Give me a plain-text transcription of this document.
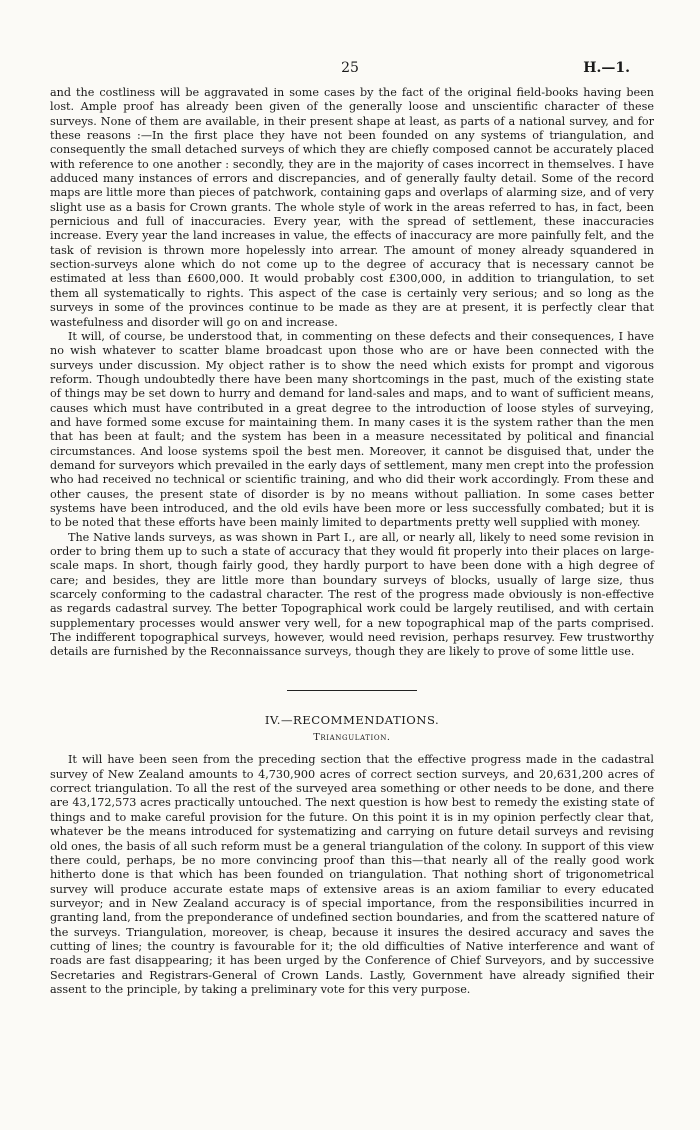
25	H.—1.

and the costliness will be aggravated in some cases by the fact of the original field-books having been lost. Ample proof has already been given of the generally loose and unscientific character of these surveys. None of them are available, in their present shape at least, as parts of a national survey, and for these reasons :—In the first place they have not been founded on any systems of triangulation, and consequently the small detached surveys of which they are chiefly composed cannot be accurately placed with reference to one another : secondly, they are in the majority of cases incorrect in themselves. I have adduced many instances of errors and discrepancies, and of generally faulty detail. Some of the record maps are little more than pieces of patchwork, containing gaps and overlaps of alarming size, and of very slight use as a basis for Crown grants. The whole style of work in the areas referred to has, in fact, been pernicious and full of inaccuracies. Every year, with the spread of settlement, these inaccuracies increase. Every year the land increases in value, the effects of inaccuracy are more painfully felt, and the task of revision is thrown more hopelessly into arrear. The amount of money already squandered in section-surveys alone which do not come up to the degree of accuracy that is necessary cannot be estimated at less than £600,000. It would probably cost £300,000, in addition to triangulation, to set them all systematically to rights. This aspect of the case is certainly very serious; and so long as the surveys in some of the provinces continue to be made as they are at present, it is perfectly clear that wastefulness and disorder will go on and increase.

It will, of course, be understood that, in commenting on these defects and their consequences, I have no wish whatever to scatter blame broadcast upon those who are or have been connected with the surveys under discussion. My object rather is to show the need which exists for prompt and vigorous reform. Though undoubtedly there have been many shortcomings in the past, much of the existing state of things may be set down to hurry and demand for land-sales and maps, and to want of sufficient means, causes which must have contributed in a great degree to the introduction of loose styles of surveying, and have formed some excuse for maintaining them. In many cases it is the system rather than the men that has been at fault; and the system has been in a measure necessitated by political and financial circumstances. And loose systems spoil the best men. Moreover, it cannot be disguised that, under the demand for surveyors which prevailed in the early days of settlement, many men crept into the profession who had received no technical or scientific training, and who did their work accordingly. From these and other causes, the present state of disorder is by no means without palliation. In some cases better systems have been introduced, and the old evils have been more or less successfully combated; but it is to be noted that these efforts have been mainly limited to departments pretty well supplied with money.

The Native lands surveys, as was shown in Part I., are all, or nearly all, likely to need some revision in order to bring them up to such a state of accuracy that they would fit properly into their places on large-scale maps. In short, though fairly good, they hardly purport to have been done with a high degree of care; and besides, they are little more than boundary surveys of blocks, usually of large size, thus scarcely conforming to the cadastral character. The rest of the progress made obviously is non-effective as regards cadastral survey. The better Topographical work could be largely reutilised, and with certain supplementary processes would answer very well, for a new topographical map of the parts comprised. The indifferent topographical surveys, however, would need revision, perhaps resurvey. Few trustworthy details are furnished by the Reconnaissance surveys, though they are likely to prove of some little use.

IV.—RECOMMENDATIONS.
Triangulation.

It will have been seen from the preceding section that the effective progress made in the cadastral survey of New Zealand amounts to 4,730,900 acres of correct section surveys, and 20,631,200 acres of correct triangulation. To all the rest of the surveyed area something or other needs to be done, and there are 43,172,573 acres practically untouched. The next question is how best to remedy the existing state of things and to make careful provision for the future. On this point it is in my opinion perfectly clear that, whatever be the means introduced for systematizing and carrying on future detail surveys and revising old ones, the basis of all such reform must be a general triangulation of the colony. In support of this view there could, perhaps, be no more convincing proof than this—that nearly all of the really good work hitherto done is that which has been founded on triangulation. That nothing short of trigonometrical survey will produce accurate estate maps of extensive areas is an axiom familiar to every educated surveyor; and in New Zealand accuracy is of special importance, from the responsibilities incurred in granting land, from the preponderance of undefined section boundaries, and from the scattered nature of the surveys. Triangulation, moreover, is cheap, because it insures the desired accuracy and saves the cutting of lines; the country is favourable for it; the old difficulties of Native interference and want of roads are fast disappearing; it has been urged by the Conference of Chief Surveyors, and by successive Secretaries and Registrars-General of Crown Lands. Lastly, Government have already signified their assent to the principle, by taking a preliminary vote for this very purpose.
